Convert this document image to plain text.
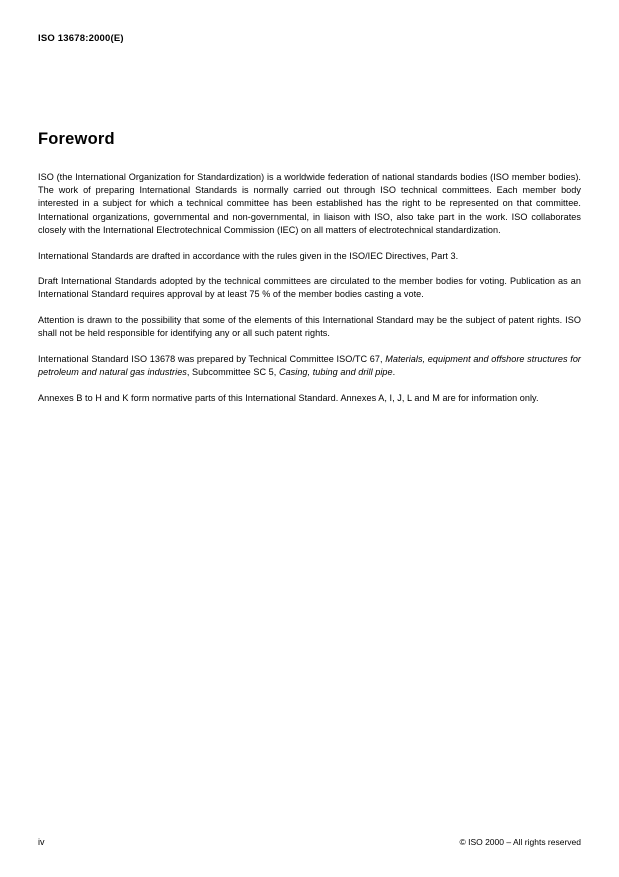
ISO 13678:2000(E)
Foreword

ISO (the International Organization for Standardization) is a worldwide federation of national standards bodies (ISO member bodies). The work of preparing International Standards is normally carried out through ISO technical committees. Each member body interested in a subject for which a technical committee has been established has the right to be represented on that committee. International organizations, governmental and non-governmental, in liaison with ISO, also take part in the work. ISO collaborates closely with the International Electrotechnical Commission (IEC) on all matters of electrotechnical standardization.

International Standards are drafted in accordance with the rules given in the ISO/IEC Directives, Part 3.

Draft International Standards adopted by the technical committees are circulated to the member bodies for voting. Publication as an International Standard requires approval by at least 75 % of the member bodies casting a vote.

Attention is drawn to the possibility that some of the elements of this International Standard may be the subject of patent rights. ISO shall not be held responsible for identifying any or all such patent rights.

International Standard ISO 13678 was prepared by Technical Committee ISO/TC 67, Materials, equipment and offshore structures for petroleum and natural gas industries, Subcommittee SC 5, Casing, tubing and drill pipe.

Annexes B to H and K form normative parts of this International Standard. Annexes A, I, J, L and M are for information only.

iv	© ISO 2000 – All rights reserved
